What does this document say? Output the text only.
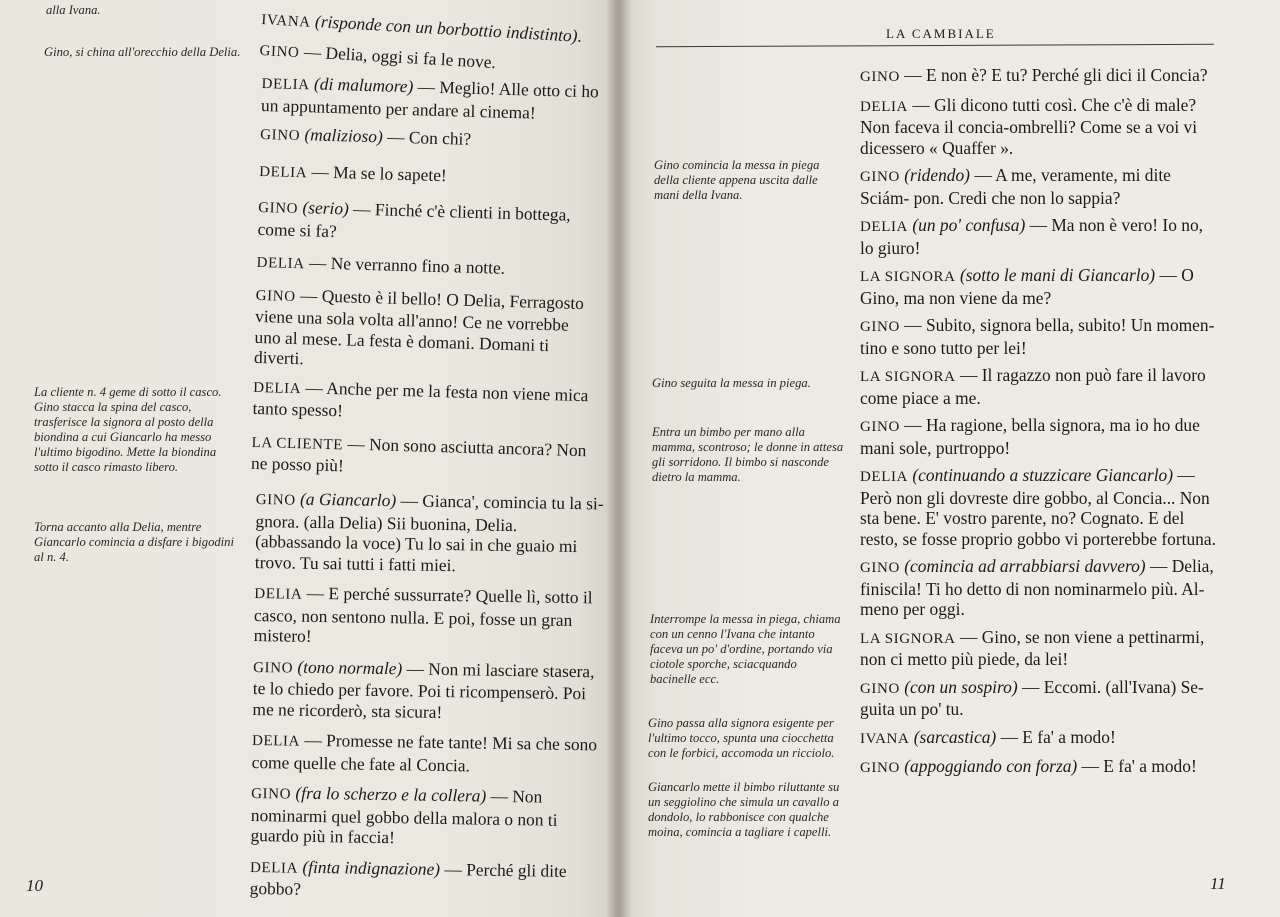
alla Ivana.

Gino, si china all'orecchio della Delia.

La cliente n. 4 geme di sotto il casco. Gino stacca la spina del casco, trasferisce la signora al posto della biondina a cui Giancarlo ha messo l'ultimo bigodino. Mette la biondina sotto il casco rimasto libero.

Torna accanto alla Delia, mentre Giancarlo comincia a disfare i bigodini al n. 4.

IVANA (risponde con un borbottio indistinto).

GINO — Delia, oggi si fa le nove.

DELIA (di malumore) — Meglio! Alle otto ci ho un appuntamento per andare al cinema!

GINO (malizioso) — Con chi?

DELIA — Ma se lo sapete!

GINO (serio) — Finché c'è clienti in bottega, come si fa?

DELIA — Ne verranno fino a notte.

GINO — Questo è il bello! O Delia, Ferragosto viene una sola volta all'anno! Ce ne vorrebbe uno al mese. La festa è domani. Domani ti diverti.

DELIA — Anche per me la festa non viene mica tanto spesso!

LA CLIENTE — Non sono asciutta ancora? Non ne posso più!

GINO (a Giancarlo) — Gianca', comincia tu la si- gnora. (alla Delia) Sii buonina, Delia. (abbassando la voce) Tu lo sai in che guaio mi trovo. Tu sai tutti i fatti miei.

DELIA — E perché sussurrate? Quelle lì, sotto il casco, non sentono nulla. E poi, fosse un gran mistero!

GINO (tono normale) — Non mi lasciare stasera, te lo chiedo per favore. Poi ti ricompenserò. Poi me ne ricorderò, sta sicura!

DELIA — Promesse ne fate tante! Mi sa che sono come quelle che fate al Concia.

GINO (fra lo scherzo e la collera) — Non nominarmi quel gobbo della malora o non ti guardo più in faccia!

DELIA (finta indignazione) — Perché gli dite gobbo?

10
LA CAMBIALE

Gino comincia la messa in piega della cliente appena uscita dalle mani della Ivana.

Gino seguita la messa in piega.

Entra un bimbo per mano alla mamma, scontroso; le donne in attesa gli sorridono. Il bimbo si nasconde dietro la mamma.

Interrompe la messa in piega, chiama con un cenno l'Ivana che intanto faceva un po' d'ordine, portando via ciotole sporche, sciacquando bacinelle ecc.

Gino passa alla signora esigente per l'ultimo tocco, spunta una ciocchetta con le forbici, accomoda un ricciolo.

Giancarlo mette il bimbo riluttante su un seggiolino che simula un cavallo a dondolo, lo rabbonisce con qualche moina, comincia a tagliare i capelli.

GINO — E non è? E tu? Perché gli dici il Concia?

DELIA — Gli dicono tutti così. Che c'è di male? Non faceva il concia-ombrelli? Come se a voi vi dicessero « Quaffer ».

GINO (ridendo) — A me, veramente, mi dite Sciám- pon. Credi che non lo sappia?

DELIA (un po' confusa) — Ma non è vero! Io no, lo giuro!

LA SIGNORA (sotto le mani di Giancarlo) — O Gino, ma non viene da me?

GINO — Subito, signora bella, subito! Un momen- tino e sono tutto per lei!

LA SIGNORA — Il ragazzo non può fare il lavoro come piace a me.

GINO — Ha ragione, bella signora, ma io ho due mani sole, purtroppo!

DELIA (continuando a stuzzicare Giancarlo) — Però non gli dovreste dire gobbo, al Concia... Non sta bene. E' vostro parente, no? Cognato. E del resto, se fosse proprio gobbo vi porterebbe fortuna.

GINO (comincia ad arrabbiarsi davvero) — Delia, finiscila! Ti ho detto di non nominarmelo più. Al- meno per oggi.

LA SIGNORA — Gino, se non viene a pettinarmi, non ci metto più piede, da lei!

GINO (con un sospiro) — Eccomi. (all'Ivana) Se- guita un po' tu.

IVANA (sarcastica) — E fa' a modo!

GINO (appoggiando con forza) — E fa' a modo!

11
